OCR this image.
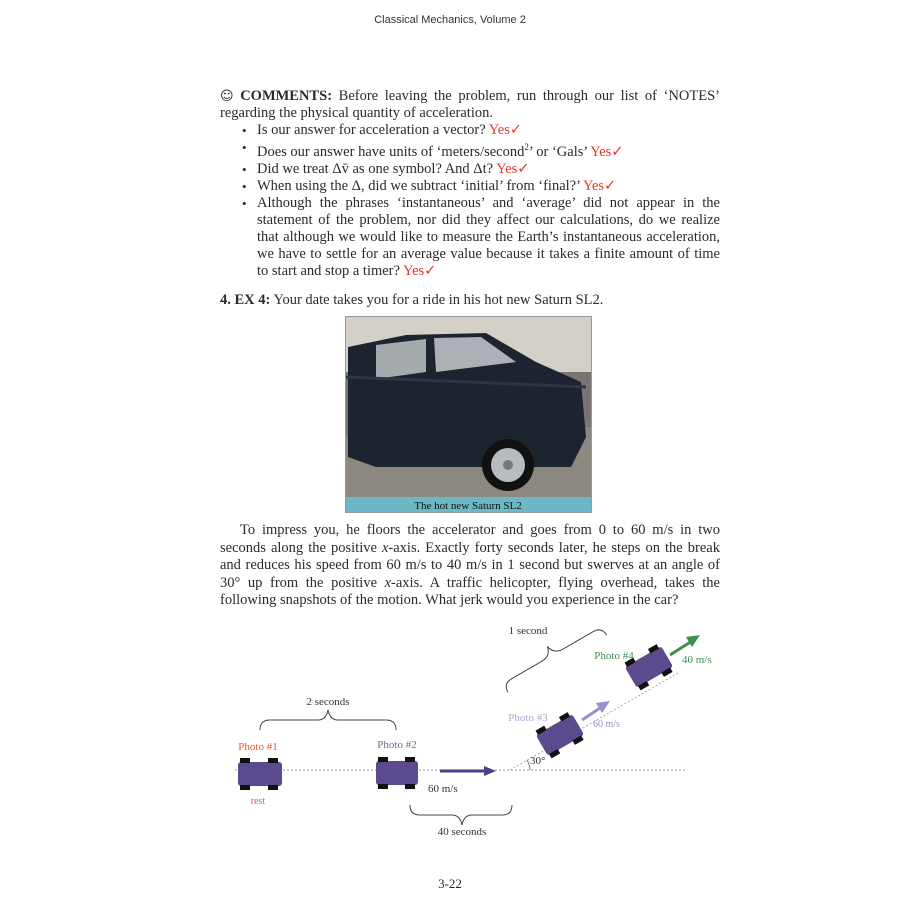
Classical Mechanics, Volume 2
☺ COMMENTS: Before leaving the problem, run through our list of ‘NOTES’ regarding the physical quantity of acceleration.
• Is our answer for acceleration a vector? Yes✓
• Does our answer have units of ‘meters/second$^2$’ or ‘Gals’ Yes✓
• Did we treat Δv̄ as one symbol? And Δt? Yes✓
• When using the Δ, did we subtract ‘initial’ from ‘final?’ Yes✓
• Although the phrases ‘instantaneous’ and ‘average’ did not appear in the statement of the problem, nor did they affect our calculations, do we realize that although we would like to measure the Earth’s instantaneous acceleration, we have to settle for an average value because it takes a finite amount of time to start and stop a timer? Yes✓
4. EX 4: Your date takes you for a ride in his hot new Saturn SL2.
The hot new Saturn SL2
To impress you, he floors the accelerator and goes from 0 to 60 m/s in two seconds along the positive x-axis. Exactly forty seconds later, he steps on the break and reduces his speed from 60 m/s to 40 m/s in 1 second but swerves at an angle of 30° up from the positive x-axis. A traffic helicopter, flying overhead, takes the following snapshots of the motion. What jerk would you experience in the car?
30°
2 seconds
40 seconds
1 second
Photo #1
rest
Photo #2
60 m/s
Photo #3
60 m/s
Photo #4	40 m/s
3-22
